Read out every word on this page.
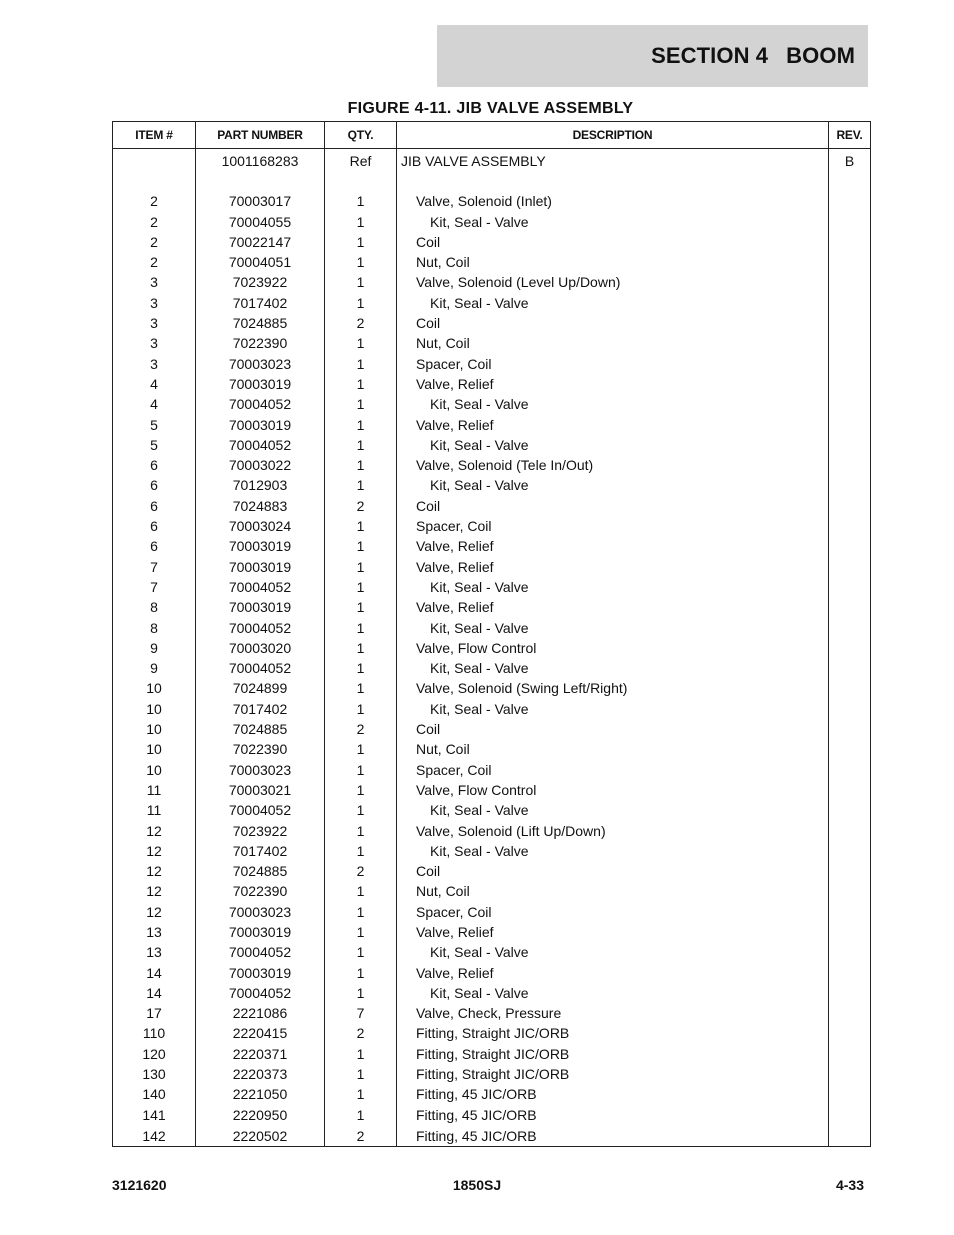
SECTION 4 BOOM
FIGURE 4-11. JIB VALVE ASSEMBLY
ITEM #	PART NUMBER	QTY.	DESCRIPTION	REV.
	1001168283	Ref	JIB VALVE ASSEMBLY	B

2	70003017	1	Valve, Solenoid (Inlet)	
2	70004055	1	Kit, Seal - Valve	
2	70022147	1	Coil	
2	70004051	1	Nut, Coil	
3	7023922	1	Valve, Solenoid (Level Up/Down)	
3	7017402	1	Kit, Seal - Valve	
3	7024885	2	Coil	
3	7022390	1	Nut, Coil	
3	70003023	1	Spacer, Coil	
4	70003019	1	Valve, Relief	
4	70004052	1	Kit, Seal - Valve	
5	70003019	1	Valve, Relief	
5	70004052	1	Kit, Seal - Valve	
6	70003022	1	Valve, Solenoid (Tele In/Out)	
6	7012903	1	Kit, Seal - Valve	
6	7024883	2	Coil	
6	70003024	1	Spacer, Coil	
6	70003019	1	Valve, Relief	
7	70003019	1	Valve, Relief	
7	70004052	1	Kit, Seal - Valve	
8	70003019	1	Valve, Relief	
8	70004052	1	Kit, Seal - Valve	
9	70003020	1	Valve, Flow Control	
9	70004052	1	Kit, Seal - Valve	
10	7024899	1	Valve, Solenoid (Swing Left/Right)	
10	7017402	1	Kit, Seal - Valve	
10	7024885	2	Coil	
10	7022390	1	Nut, Coil	
10	70003023	1	Spacer, Coil	
11	70003021	1	Valve, Flow Control	
11	70004052	1	Kit, Seal - Valve	
12	7023922	1	Valve, Solenoid (Lift Up/Down)	
12	7017402	1	Kit, Seal - Valve	
12	7024885	2	Coil	
12	7022390	1	Nut, Coil	
12	70003023	1	Spacer, Coil	
13	70003019	1	Valve, Relief	
13	70004052	1	Kit, Seal - Valve	
14	70003019	1	Valve, Relief	
14	70004052	1	Kit, Seal - Valve	
17	2221086	7	Valve, Check, Pressure	
110	2220415	2	Fitting, Straight JIC/ORB	
120	2220371	1	Fitting, Straight JIC/ORB	
130	2220373	1	Fitting, Straight JIC/ORB	
140	2221050	1	Fitting, 45 JIC/ORB	
141	2220950	1	Fitting, 45 JIC/ORB	
142	2220502	2	Fitting, 45 JIC/ORB	
3121620	1850SJ	4-33
